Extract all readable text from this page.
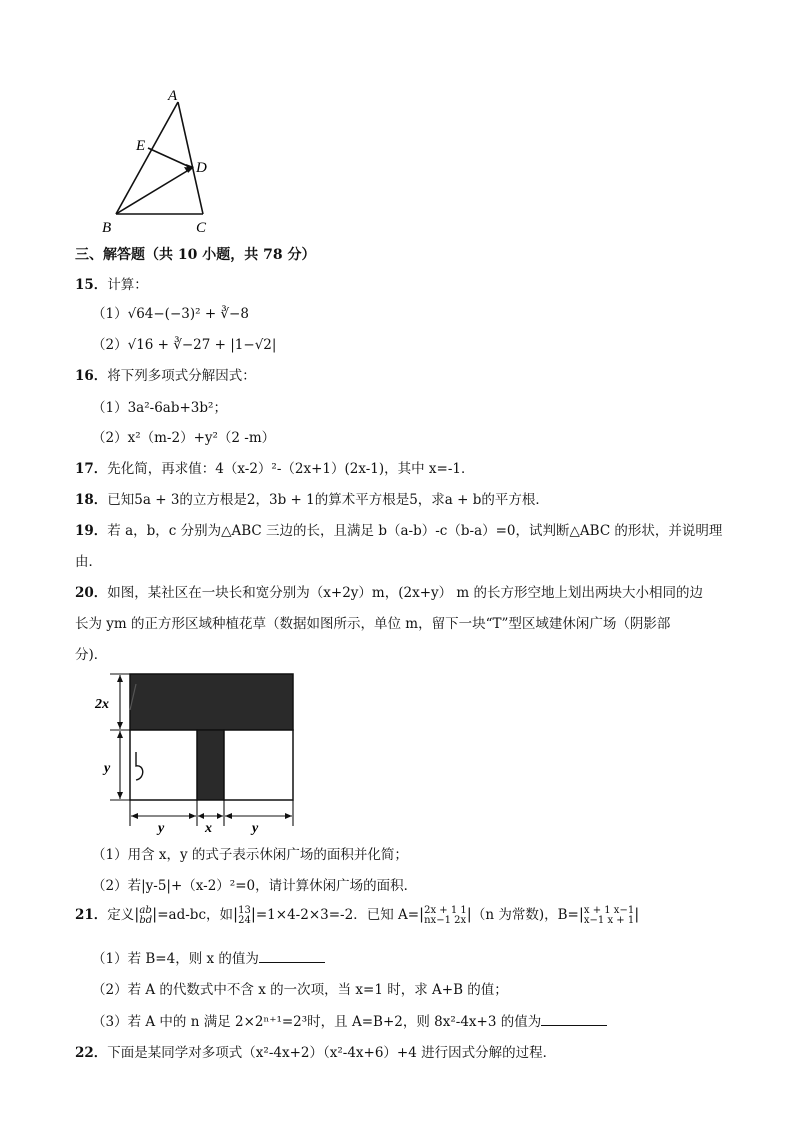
A
E
D
B	C
三、解答题（共 10 小题，共 78 分）
15．计算：
（1）√64−(−3)² + ∛−8
（2）√16 + ∛−27 + |1−√2|
16．将下列多项式分解因式：
（1）3a²-6ab+3b²；
（2）x²（m-2）+y²（2 -m）
17．先化简，再求值：4（x-2）²-（2x+1）(2x-1)，其中 x=-1．
18．已知5a + 3的立方根是2，3b + 1的算术平方根是5，求a + b的平方根．
19．若 a，b，c 分别为△ABC 三边的长，且满足 b（a-b）-c（b-a）=0，试判断△ABC 的形状，并说明理
由．
20．如图，某社区在一块长和宽分别为（x+2y）m，(2x+y） m 的长方形空地上划出两块大小相同的边
长为 ym 的正方形区域种植花草（数据如图所示，单位 m，留下一块“T”型区域建休闲广场（阴影部
分)．
2x
y
y	x	y
（1）用含 x，y 的式子表示休闲广场的面积并化简；
（2）若|y-5|+（x-2）²=0，请计算休闲广场的面积．
21．定义|ab
bd|=ad-bc，如|13
24|=1×4-2×3=-2．已知 A=|2x + 1 1
nx−1 2x|（n 为常数)，B=|x + 1 x−1
x−1 x + 1|
（1）若 B=4，则 x 的值为
（2）若 A 的代数式中不含 x 的一次项，当 x=1 时，求 A+B 的值；
（3）若 A 中的 n 满足 2×2ⁿ⁺¹=2³时，且 A=B+2，则 8x²-4x+3 的值为
22．下面是某同学对多项式（x²-4x+2）（x²-4x+6）+4 进行因式分解的过程．
